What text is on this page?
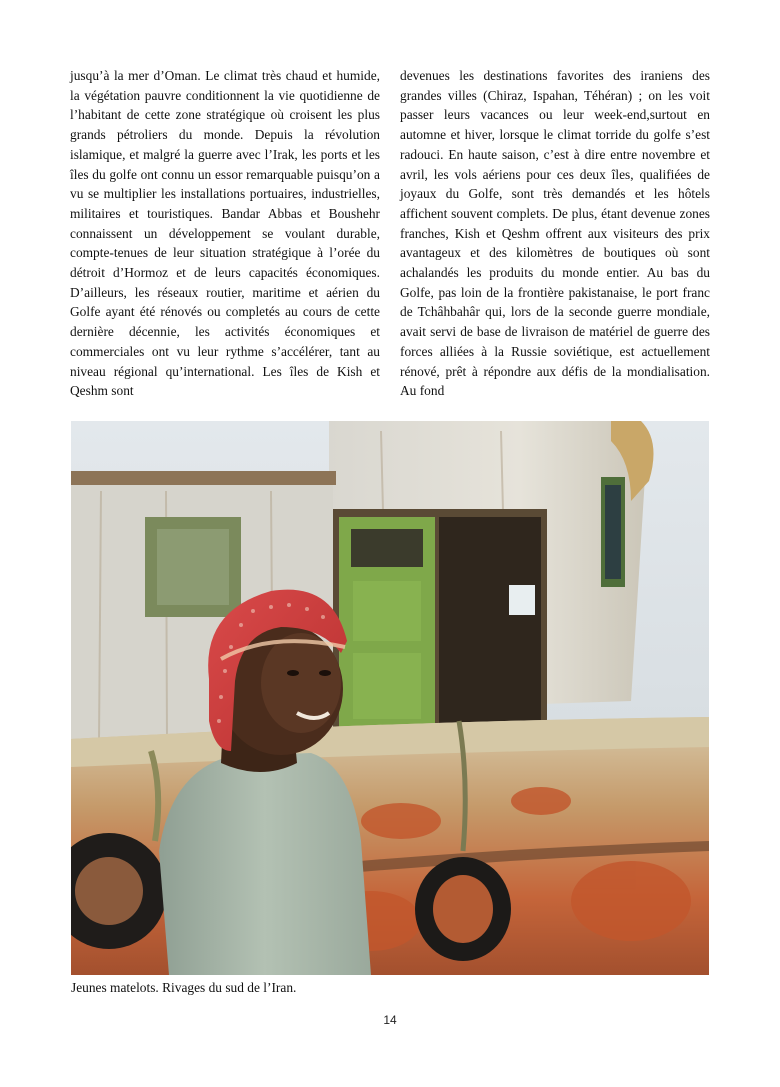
jusqu’à la mer d’Oman. Le climat très chaud et humide, la végétation pauvre conditionnent la vie quotidienne de l’habitant de cette zone stratégique où croisent les plus grands pétroliers du monde. Depuis la révolution islamique, et malgré la guerre avec l’Irak, les ports et les îles du golfe ont connu un essor remarquable puisqu’on a vu se multiplier les installations portuaires, industrielles, militaires et touristiques. Bandar Abbas et Boushehr connaissent un développement se voulant durable, compte-tenues de leur situation stratégique à l’orée du détroit d’Hormoz et de leurs capacités économiques. D’ailleurs, les réseaux routier, maritime et aérien du Golfe ayant été rénovés ou completés au cours de cette dernière décennie, les activités économiques et commerciales ont vu leur rythme s’accélérer, tant au niveau régional qu’international. Les îles de Kish et Qeshm sont

devenues les destinations favorites des iraniens des grandes villes (Chiraz, Ispahan, Téhéran) ; on les voit passer leurs vacances ou leur week-end,surtout en automne et hiver, lorsque le climat torride du golfe s’est radouci. En haute saison, c’est à dire entre novembre et avril, les vols aériens pour ces deux îles, qualifiées de joyaux du Golfe, sont très demandés et les hôtels affichent souvent complets. De plus, étant devenue zones franches, Kish et Qeshm offrent aux visiteurs des prix avantageux et des kilomètres de boutiques où sont achalandés les produits du monde entier. Au bas du Golfe, pas loin de la frontière pakistanaise, le port franc de Tchâhbahâr qui, lors de la seconde guerre mondiale, avait servi de base de livraison de matériel de guerre des forces alliées à la Russie soviétique, est actuellement rénové, prêt à répondre aux défis de la mondialisation. Au fond

Jeunes matelots. Rivages du sud de l’Iran.
14
